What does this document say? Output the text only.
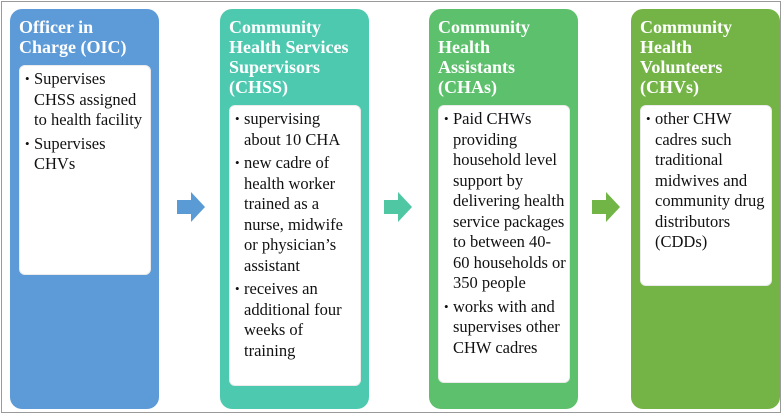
Officer in Charge (OIC)
• Supervises CHSS assigned to health facility
• Supervises CHVs
Community Health Services Supervisors (CHSS)
• supervising about 10 CHA
• new cadre of health worker trained as a nurse, midwife or physician’s assistant
• receives an additional four weeks of training
Community Health Assistants (CHAs)
• Paid CHWs providing household level support by delivering health service packages to between 40-60 households or 350 people
• works with and supervises other CHW cadres
Community Health Volunteers (CHVs)
• other CHW cadres such traditional midwives and community drug distributors (CDDs)
